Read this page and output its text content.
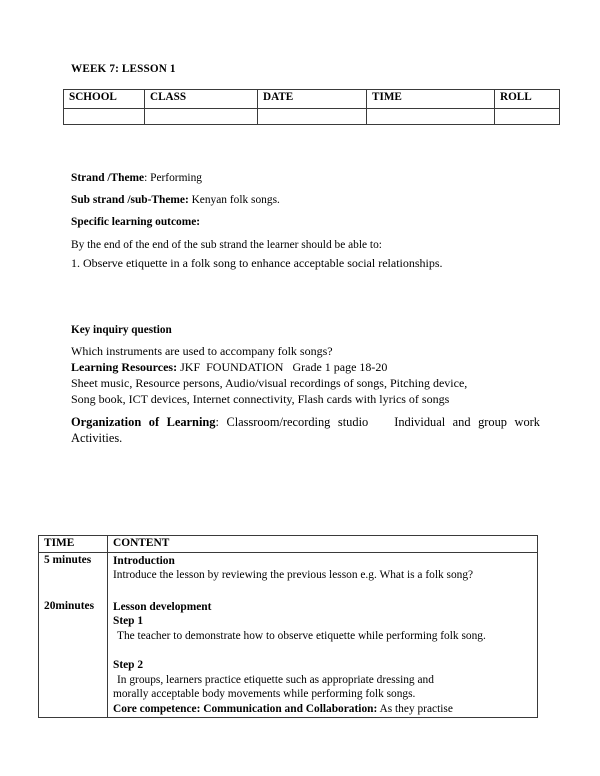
WEEK 7: LESSON 1
SCHOOL	CLASS	DATE	TIME	ROLL

Strand /Theme: Performing
Sub strand /sub-Theme: Kenyan folk songs.
Specific learning outcome:
By the end of the end of the sub strand the learner should be able to:
1. Observe etiquette in a folk song to enhance acceptable social relationships.
Key inquiry question
Which instruments are used to accompany folk songs?
Learning Resources: JKF  FOUNDATION   Grade 1 page 18-20
Sheet music, Resource persons, Audio/visual recordings of songs, Pitching device,
Song book, ICT devices, Internet connectivity, Flash cards with lyrics of songs
Organization of Learning: Classroom/recording studio Individual and group work Activities.
TIME	CONTENT
5 minutes	Introduction

Introduce the lesson by reviewing the previous lesson e.g. What is a folk song?

20minutes	Lesson development

Step 1

The teacher to demonstrate how to observe etiquette while performing folk song.

Step 2

In groups, learners practice etiquette such as appropriate dressing and

morally acceptable body movements while performing folk songs.

Core competence: Communication and Collaboration: As they practise
